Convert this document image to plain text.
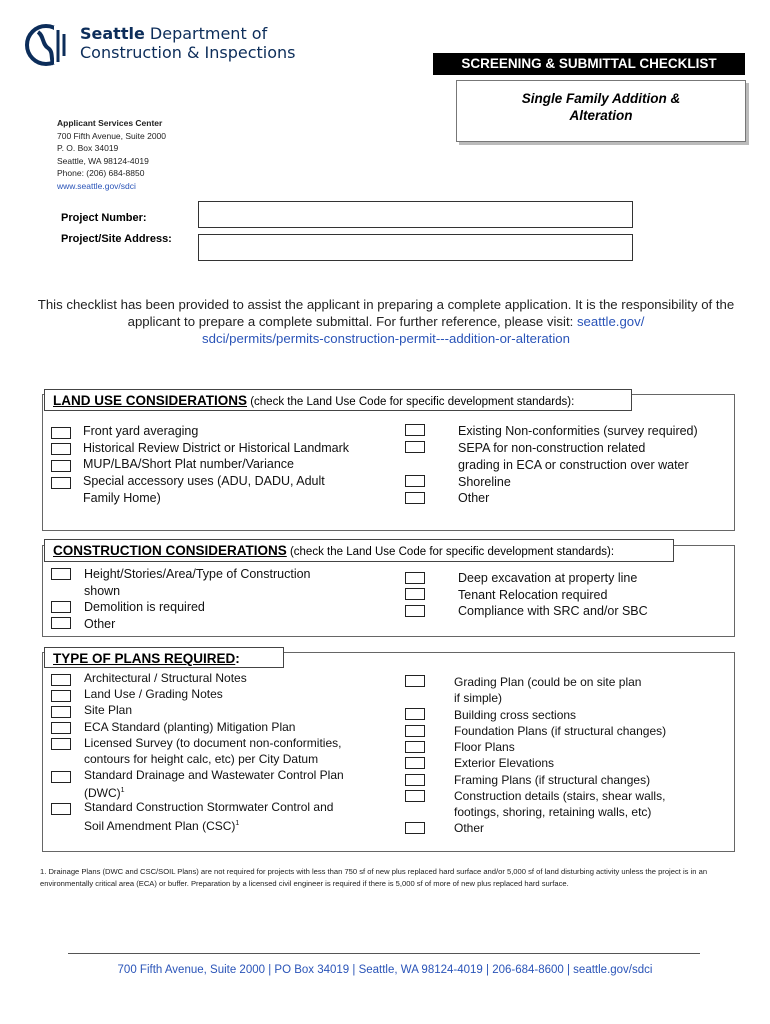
Seattle Department of
Construction & Inspections
SCREENING & SUBMITTAL CHECKLIST
Single Family Addition &
Alteration
Applicant Services Center
700 Fifth Avenue, Suite 2000
P. O. Box 34019
Seattle, WA 98124-4019
Phone: (206) 684-8850
www.seattle.gov/sdci
Project Number:
Project/Site Address:
This checklist has been provided to assist the applicant in preparing a complete application. It is the responsibility of the applicant to prepare a complete submittal. For further reference, please visit: seattle.gov/
sdci/permits/permits-construction-permit---addition-or-alteration
LAND USE CONSIDERATIONS (check the Land Use Code for specific development standards):
Front yard averaging
Historical Review District or Historical Landmark
MUP/LBA/Short Plat number/Variance
Special accessory uses (ADU, DADU, Adult
Family Home)
Existing Non-conformities (survey required)
SEPA for non-construction related
grading in ECA or construction over water
Shoreline
Other
CONSTRUCTION CONSIDERATIONS (check the Land Use Code for specific development standards):
Height/Stories/Area/Type of Construction
shown
Demolition is required
Other
Deep excavation at property line
Tenant Relocation required
Compliance with SRC and/or SBC
TYPE OF PLANS REQUIRED:
Architectural / Structural Notes
Land Use / Grading Notes
Site Plan
ECA Standard (planting) Mitigation Plan
Licensed Survey (to document non-conformities,
contours for height calc, etc) per City Datum
Standard Drainage and Wastewater Control Plan
(DWC)$^1$
Standard Construction Stormwater Control and
Soil Amendment Plan (CSC)$^1$
Grading Plan (could be on site plan
if simple)
Building cross sections
Foundation Plans (if structural changes)
Floor Plans
Exterior Elevations
Framing Plans (if structural changes)
Construction details (stairs, shear walls,
footings, shoring, retaining walls, etc)
Other
1. Drainage Plans (DWC and CSC/SOIL Plans) are not required for projects with less than 750 sf of new plus replaced hard surface and/or 5,000 sf of land disturbing activity unless the project is in an environmentally critical area (ECA) or buffer. Preparation by a licensed civil engineer is required if there is 5,000 sf of more of new plus replaced hard surface.
700 Fifth Avenue, Suite 2000 | PO Box 34019 | Seattle, WA 98124-4019 | 206-684-8600 | seattle.gov/sdci
